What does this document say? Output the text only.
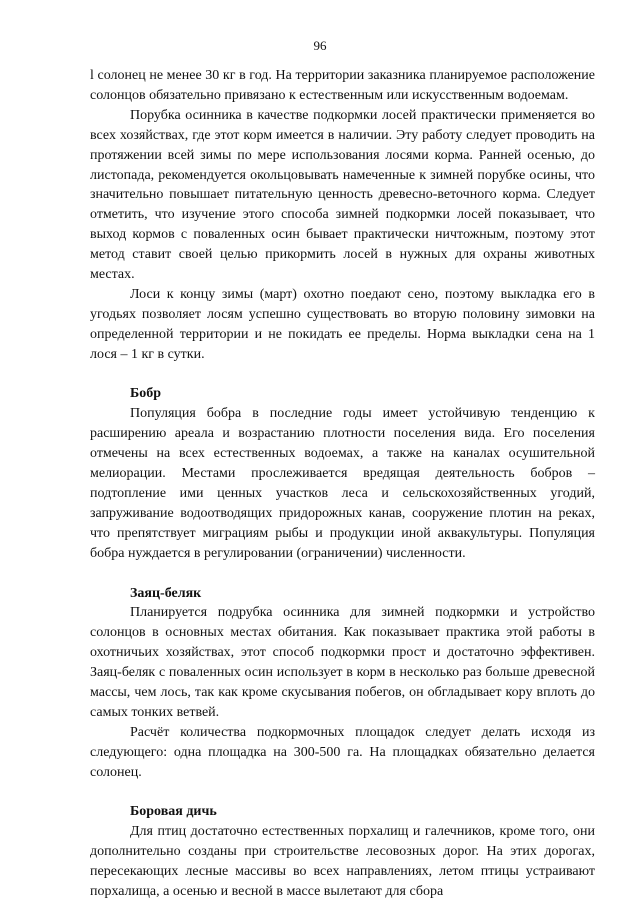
96

l солонец не менее 30 кг в год. На территории заказника планируемое расположение солонцов обязательно привязано к естественным или искусственным водоемам.

Порубка осинника в качестве подкормки лосей практически применяется во всех хозяйствах, где этот корм имеется в наличии. Эту работу следует проводить на протяжении всей зимы по мере использования лосями корма. Ранней осенью, до листопада, рекомендуется окольцовывать намеченные к зимней порубке осины, что значительно повышает питательную ценность древесно-веточного корма. Следует отметить, что изучение этого способа зимней подкормки лосей показывает, что выход кормов с поваленных осин бывает практически ничтожным, поэтому этот метод ставит своей целью прикормить лосей в нужных для охраны животных местах.

Лоси к концу зимы (март) охотно поедают сено, поэтому выкладка его в угодьях позволяет лосям успешно существовать во вторую половину зимовки на определенной территории и не покидать ее пределы. Норма выкладки сена на 1 лося – 1 кг в сутки.

Бобр

Популяция бобра в последние годы имеет устойчивую тенденцию к расширению ареала и возрастанию плотности поселения вида. Его поселения отмечены на всех естественных водоемах, а также на каналах осушительной мелиорации. Местами прослеживается вредящая деятельность бобров – подтопление ими ценных участков леса и сельскохозяйственных угодий, запруживание водоотводящих придорожных канав, сооружение плотин на реках, что препятствует миграциям рыбы и продукции иной аквакультуры. Популяция бобра нуждается в регулировании (ограничении) численности.

Заяц-беляк

Планируется подрубка осинника для зимней подкормки и устройство солонцов в основных местах обитания. Как показывает практика этой работы в охотничьих хозяйствах, этот способ подкормки прост и достаточно эффективен. Заяц-беляк с поваленных осин использует в корм в несколько раз больше древесной массы, чем лось, так как кроме скусывания побегов, он обгладывает кору вплоть до самых тонких ветвей.

Расчёт количества подкормочных площадок следует делать исходя из следующего: одна площадка на 300-500 га. На площадках обязательно делается солонец.

Боровая дичь

Для птиц достаточно естественных порхалищ и галечников, кроме того, они дополнительно созданы при строительстве лесовозных дорог. На этих дорогах, пересекающих лесные массивы во всех направлениях, летом птицы устраивают порхалища, а осенью и весной в массе вылетают для сбора
